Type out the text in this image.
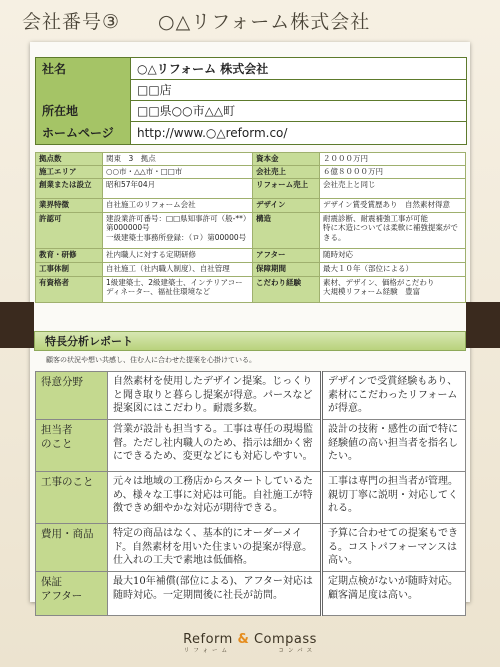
会社番号③ ○△リフォーム株式会社
社名	○△リフォーム 株式会社
□□店
所在地	□□県○○市△△町
ホームページ	http://www.○△reform.co/
拠点数	関東　3　拠点	資本金	２０００万円
施工エリア	○○市・△△市・□□市	会社売上	６億８０００万円
創業または設立	昭和57年04月	リフォーム売上	会社売上と同じ
業界特徴	自社施工のリフォーム会社	デザイン	デザイン賞受賞歴あり　自然素材得意
許認可	建設業許可番号：□□県知事許可（般-**）第000000号
一級建築士事務所登録：（ロ）第00000号	構造	耐震診断、耐震補強工事が可能
特に木造については柔軟に補強提案ができる。
教育・研修	社内職人に対する定期研修	アフター	随時対応
工事体制	自社施工（社内職人制度）、自社管理	保障期間	最大１０年（部位による）
有資格者	1級建築士、2級建築士、インテリアコーディネーター、福祉住環境など	こだわり経験	素材、デザイン、価格がこだわり
大規模リフォーム経験　豊富
特長分析レポート
顧客の状況や想い共感し、住む人に合わせた提案を心掛けている。
得意分野	自然素材を使用したデザイン提案。じっくりと聞き取りと暮らし提案が得意。パースなど提案図にはこだわり。耐震多数。	デザインで受賞経験もあり、素材にこだわったリフォームが得意。
担当者
のこと	営業が設計も担当する。工事は専任の現場監督。ただし社内職人のため、指示は細かく密にできるため、変更などにも対応しやすい。	設計の技術・感性の面で特に経験値の高い担当者を指名したい。
工事のこと	元々は地域の工務店からスタートしているため、様々な工事に対応は可能。自社施工が特徴できめ細やかな対応が期待できる。	工事は専門の担当者が管理。親切丁寧に説明・対応してくれる。
費用・商品	特定の商品はなく、基本的にオーダーメイド。自然素材を用いた住まいの提案が得意。仕入れの工夫で素地は低価格。	予算に合わせての提案もできる。コストパフォーマンスは高い。
保証
アフター	最大10年補償(部位による)、アフター対応は随時対応。一定期間後に社長が訪問。	定期点検がないが随時対応。顧客満足度は高い。
Reform & Compass
リフォーム　　　　　コンパス
